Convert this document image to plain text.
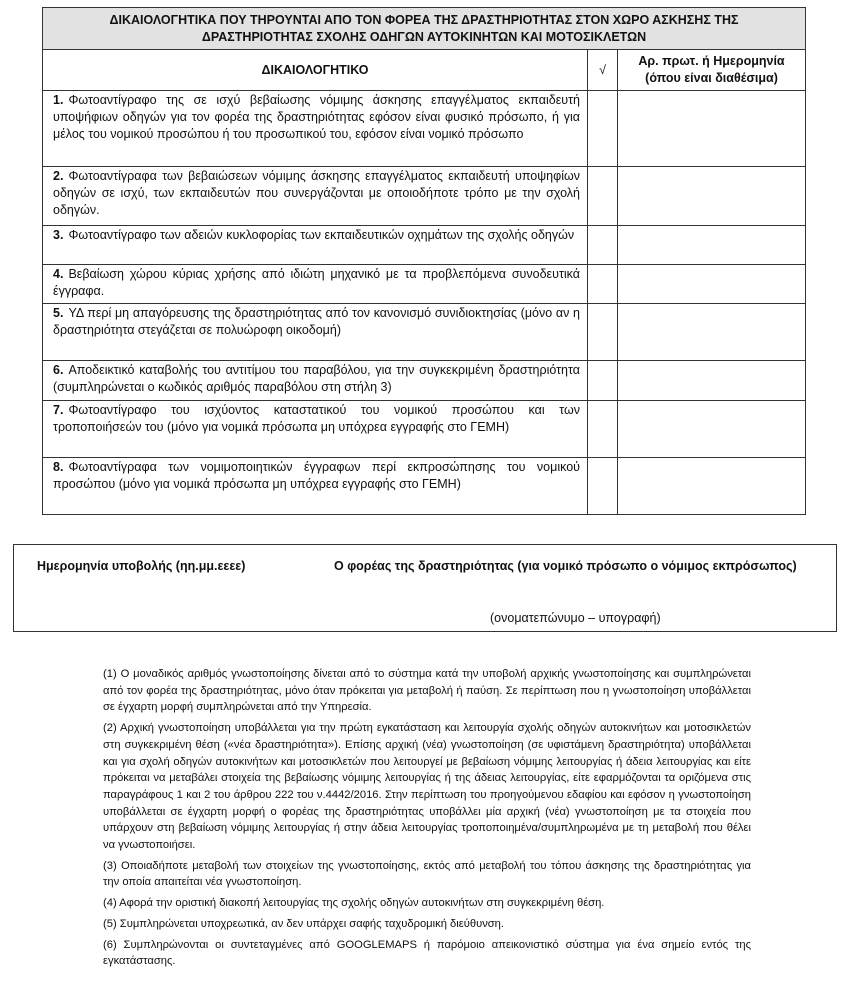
ΔΙΚΑΙΟΛΟΓΗΤΙΚΑ ΠΟΥ ΤΗΡΟΥΝΤΑΙ ΑΠΟ ΤΟΝ ΦΟΡΕΑ ΤΗΣ ΔΡΑΣΤΗΡΙΟΤΗΤΑΣ ΣΤΟΝ ΧΩΡΟ ΑΣΚΗΣΗΣ ΤΗΣ
ΔΡΑΣΤΗΡΙΟΤΗΤΑΣ ΣΧΟΛΗΣ ΟΔΗΓΩΝ ΑΥΤΟΚΙΝΗΤΩΝ ΚΑΙ ΜΟΤΟΣΙΚΛΕΤΩΝ		

ΔΙΚΑΙΟΛΟΓΗΤΙΚΟ	√	Αρ. πρωτ. ή Ημερομηνία
(όπου είναι διαθέσιμα)

1. Φωτοαντίγραφο της σε ισχύ βεβαίωσης νόμιμης άσκησης επαγγέλματος εκπαιδευτή υποψήφιων οδηγών για τον φορέα της δραστηριότητας εφόσον είναι φυσικό πρόσωπο, ή για μέλος του νομικού προσώπου ή του προσωπικού του, εφόσον είναι νομικό πρόσωπο		
2. Φωτοαντίγραφα των βεβαιώσεων νόμιμης άσκησης επαγγέλματος εκπαιδευτή υποψηφίων οδηγών σε ισχύ, των εκπαιδευτών που συνεργάζονται με οποιοδήποτε τρόπο με την σχολή οδηγών.		
3. Φωτοαντίγραφο των αδειών κυκλοφορίας των εκπαιδευτικών οχημάτων της σχολής οδηγών		
4. Βεβαίωση χώρου κύριας χρήσης από ιδιώτη μηχανικό με τα προβλεπόμενα συνοδευτικά έγγραφα.		
5. ΥΔ περί μη απαγόρευσης της δραστηριότητας από τον κανονισμό συνιδιοκτησίας (μόνο αν η δραστηριότητα στεγάζεται σε πολυώροφη οικοδομή)		
6. Αποδεικτικό καταβολής του αντιτίμου του παραβόλου, για την συγκεκριμένη δραστηριότητα (συμπληρώνεται ο κωδικός αριθμός παραβόλου στη στήλη 3)		
7. Φωτοαντίγραφο του ισχύοντος καταστατικού του νομικού προσώπου και των τροποποιήσεών του (μόνο για νομικά πρόσωπα μη υπόχρεα εγγραφής στο ΓΕΜΗ)		
8. Φωτοαντίγραφα των νομιμοποιητικών έγγραφων περί εκπροσώπησης του νομικού προσώπου (μόνο για νομικά πρόσωπα μη υπόχρεα εγγραφής στο ΓΕΜΗ)		
Ημερομηνία υποβολής (ηη.μμ.εεεε)	Ο φορέας της δραστηριότητας (για νομικό πρόσωπο ο νόμιμος εκπρόσωπος)
(ονοματεπώνυμο – υπογραφή)

(1) Ο μοναδικός αριθμός γνωστοποίησης δίνεται από το σύστημα κατά την υποβολή αρχικής γνωστοποίησης και συμπληρώνεται από τον φορέα της δραστηριότητας, μόνο όταν πρόκειται για μεταβολή ή παύση. Σε περίπτωση που η γνωστοποίηση υποβάλλεται σε έγχαρτη μορφή συμπληρώνεται από την Υπηρεσία.

(2) Αρχική γνωστοποίηση υποβάλλεται για την πρώτη εγκατάσταση και λειτουργία σχολής οδηγών αυτοκινήτων και μοτοσικλετών στη συγκεκριμένη θέση («νέα δραστηριότητα»). Επίσης αρχική (νέα) γνωστοποίηση (σε υφιστάμενη δραστηριότητα) υποβάλλεται και για σχολή οδηγών αυτοκινήτων και μοτοσικλετών που λειτουργεί με βεβαίωση νόμιμης λειτουργίας ή άδεια λειτουργίας και είτε πρόκειται να μεταβάλει στοιχεία της βεβαίωσης νόμιμης λειτουργίας ή της άδειας λειτουργίας, είτε εφαρμόζονται τα οριζόμενα στις παραγράφους 1 και 2 του άρθρου 222 του ν.4442/2016. Στην περίπτωση του προηγούμενου εδαφίου και εφόσον η γνωστοποίηση υποβάλλεται σε έγχαρτη μορφή ο φορέας της δραστηριότητας υποβάλλει μία αρχική (νέα) γνωστοποίηση με τα στοιχεία που υπάρχουν στη βεβαίωση νόμιμης λειτουργίας ή στην άδεια λειτουργίας τροποποιημένα/συμπληρωμένα με τη μεταβολή που θέλει να γνωστοποιήσει.

(3) Οποιαδήποτε μεταβολή των στοιχείων της γνωστοποίησης, εκτός από μεταβολή του τόπου άσκησης της δραστηριότητας για την οποία απαιτείται νέα γνωστοποίηση.

(4) Αφορά την οριστική διακοπή λειτουργίας της σχολής οδηγών αυτοκινήτων στη συγκεκριμένη θέση.

(5) Συμπληρώνεται υποχρεωτικά, αν δεν υπάρχει σαφής ταχυδρομική διεύθυνση.

(6) Συμπληρώνονται οι συντεταγμένες από GOOGLEMAPS ή παρόμοιο απεικονιστικό σύστημα για ένα σημείο εντός της εγκατάστασης.
